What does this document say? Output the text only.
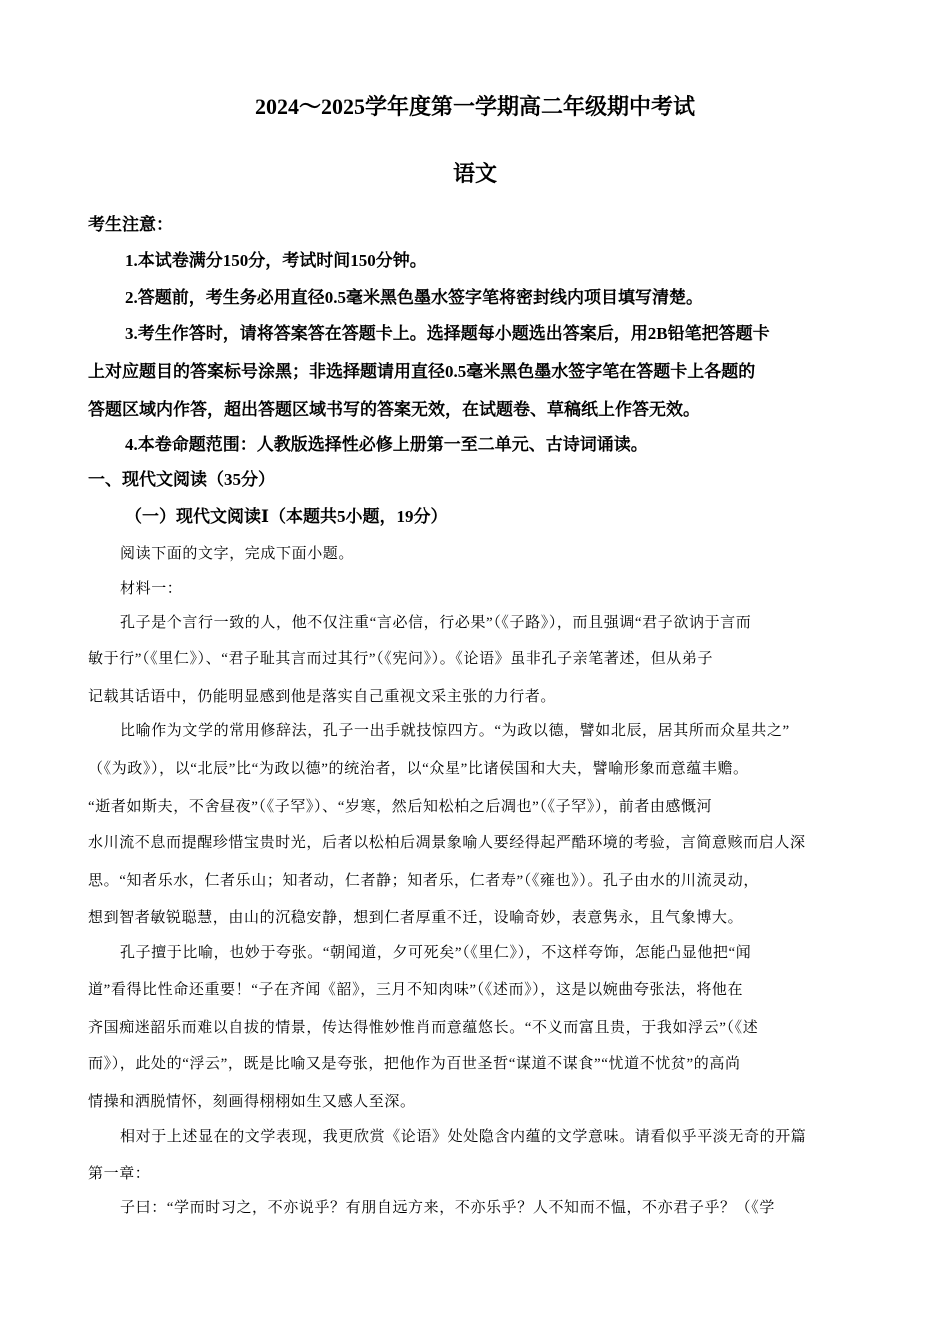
2024～2025学年度第一学期高二年级期中考试
语文
考生注意：
1.本试卷满分150分，考试时间150分钟。
2.答题前，考生务必用直径0.5毫米黑色墨水签字笔将密封线内项目填写清楚。
3.考生作答时，请将答案答在答题卡上。选择题每小题选出答案后，用2B铅笔把答题卡
上对应题目的答案标号涂黑；非选择题请用直径0.5毫米黑色墨水签字笔在答题卡上各题的
答题区域内作答，超出答题区域书写的答案无效，在试题卷、草稿纸上作答无效。
4.本卷命题范围：人教版选择性必修上册第一至二单元、古诗词诵读。
一、现代文阅读（35分）
（一）现代文阅读Ⅰ（本题共5小题，19分）
阅读下面的文字，完成下面小题。
材料一：
孔子是个言行一致的人，他不仅注重“言必信，行必果”（《子路》），而且强调“君子欲讷于言而
敏于行”（《里仁》）、“君子耻其言而过其行”（《宪问》）。《论语》虽非孔子亲笔著述，但从弟子
记载其话语中，仍能明显感到他是落实自己重视文采主张的力行者。
比喻作为文学的常用修辞法，孔子一出手就技惊四方。“为政以德，譬如北辰，居其所而众星共之”
（《为政》），以“北辰”比“为政以德”的统治者，以“众星”比诸侯国和大夫，譬喻形象而意蕴丰赡。
“逝者如斯夫，不舍昼夜”（《子罕》）、“岁寒，然后知松柏之后凋也”（《子罕》），前者由感慨河
水川流不息而提醒珍惜宝贵时光，后者以松柏后凋景象喻人要经得起严酷环境的考验，言简意赅而启人深
思。“知者乐水，仁者乐山；知者动，仁者静；知者乐，仁者寿”（《雍也》）。孔子由水的川流灵动，
想到智者敏锐聪慧，由山的沉稳安静，想到仁者厚重不迁，设喻奇妙，表意隽永，且气象博大。
孔子擅于比喻，也妙于夸张。“朝闻道，夕可死矣”（《里仁》），不这样夸饰，怎能凸显他把“闻
道”看得比性命还重要！“子在齐闻《韶》，三月不知肉味”（《述而》），这是以婉曲夸张法，将他在
齐国痴迷韶乐而难以自拔的情景，传达得惟妙惟肖而意蕴悠长。“不义而富且贵，于我如浮云”（《述
而》），此处的“浮云”，既是比喻又是夸张，把他作为百世圣哲“谋道不谋食”“忧道不忧贫”的高尚
情操和洒脱情怀，刻画得栩栩如生又感人至深。
相对于上述显在的文学表现，我更欣赏《论语》处处隐含内蕴的文学意味。请看似乎平淡无奇的开篇
第一章：
子曰：“学而时习之，不亦说乎？有朋自远方来，不亦乐乎？人不知而不愠，不亦君子乎？（《学
